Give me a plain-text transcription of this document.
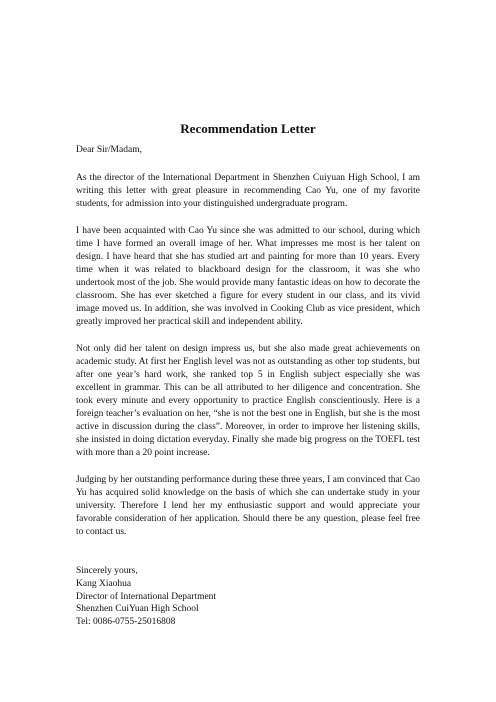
Recommendation Letter

Dear Sir/Madam,

As the director of the International Department in Shenzhen Cuiyuan High School, I am writing this letter with great pleasure in recommending Cao Yu, one of my favorite students, for admission into your distinguished undergraduate program.

I have been acquainted with Cao Yu since she was admitted to our school, during which time I have formed an overall image of her. What impresses me most is her talent on design. I have heard that she has studied art and painting for more than 10 years. Every time when it was related to blackboard design for the classroom, it was she who undertook most of the job. She would provide many fantastic ideas on how to decorate the classroom. She has ever sketched a figure for every student in our class, and its vivid image moved us. In addition, she was involved in Cooking Club as vice president, which greatly improved her practical skill and independent ability.

Not only did her talent on design impress us, but she also made great achievements on academic study. At first her English level was not as outstanding as other top students, but after one year’s hard work, she ranked top 5 in English subject especially she was excellent in grammar. This can be all attributed to her diligence and concentration. She took every minute and every opportunity to practice English conscientiously. Here is a foreign teacher’s evaluation on her, “she is not the best one in English, but she is the most active in discussion during the class”. Moreover, in order to improve her listening skills, she insisted in doing dictation everyday. Finally she made big progress on the TOEFL test with more than a 20 point increase.

Judging by her outstanding performance during these three years, I am convinced that Cao Yu has acquired solid knowledge on the basis of which she can undertake study in your university. Therefore I lend her my enthusiastic support and would appreciate your favorable consideration of her application. Should there be any question, please feel free to contact us.

Sincerely yours,
Kang Xiaohua
Director of International Department
Shenzhen CuiYuan High School
Tel: 0086-0755-25016808
